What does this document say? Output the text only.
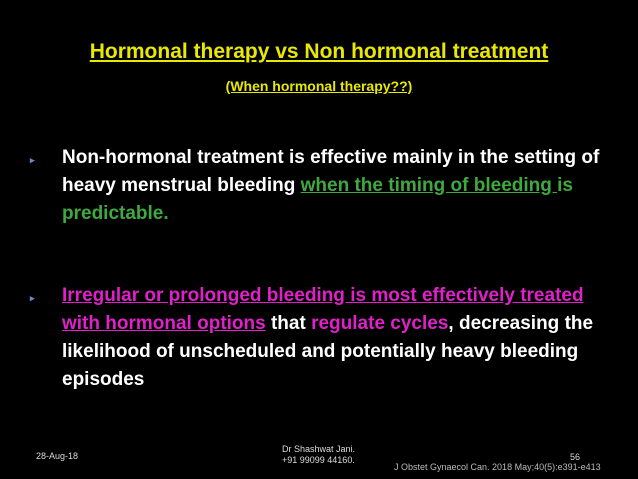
Hormonal therapy vs Non hormonal treatment
(When hormonal therapy??)
▸ Non-hormonal treatment is effective mainly in the setting of heavy menstrual bleeding when the timing of bleeding is predictable.
▸ Irregular or prolonged bleeding is most effectively treated with hormonal options that regulate cycles, decreasing the likelihood of unscheduled and potentially heavy bleeding episodes
28-Aug-18
Dr Shashwat Jani.
+91 99099 44160.	56
J Obstet Gynaecol Can. 2018 May;40(5):e391-e413
